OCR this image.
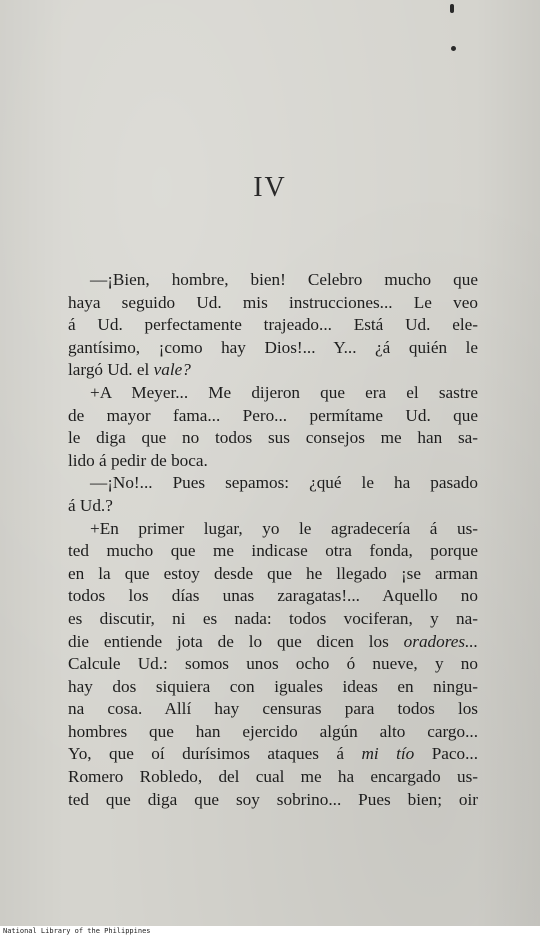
IV
—¡Bien, hombre, bien! Celebro mucho que
haya seguido Ud. mis instrucciones... Le veo
á Ud. perfectamente trajeado... Está Ud. ele-
gantísimo, ¡como hay Dios!... Y... ¿á quién le
largó Ud. el vale?
+A Meyer... Me dijeron que era el sastre
de mayor fama... Pero... permítame Ud. que
le diga que no todos sus consejos me han sa-
lido á pedir de boca.
—¡No!... Pues sepamos: ¿qué le ha pasado
á Ud.?
+En primer lugar, yo le agradecería á us-
ted mucho que me indicase otra fonda, porque
en la que estoy desde que he llegado ¡se arman
todos los días unas zaragatas!... Aquello no
es discutir, ni es nada: todos vociferan, y na-
die entiende jota de lo que dicen los oradores...
Calcule Ud.: somos unos ocho ó nueve, y no
hay dos siquiera con iguales ideas en ningu-
na cosa. Allí hay censuras para todos los
hombres que han ejercido algún alto cargo...
Yo, que oí durísimos ataques á mi tío Paco...
Romero Robledo, del cual me ha encargado us-
ted que diga que soy sobrino... Pues bien; oir
National Library of the Philippines
